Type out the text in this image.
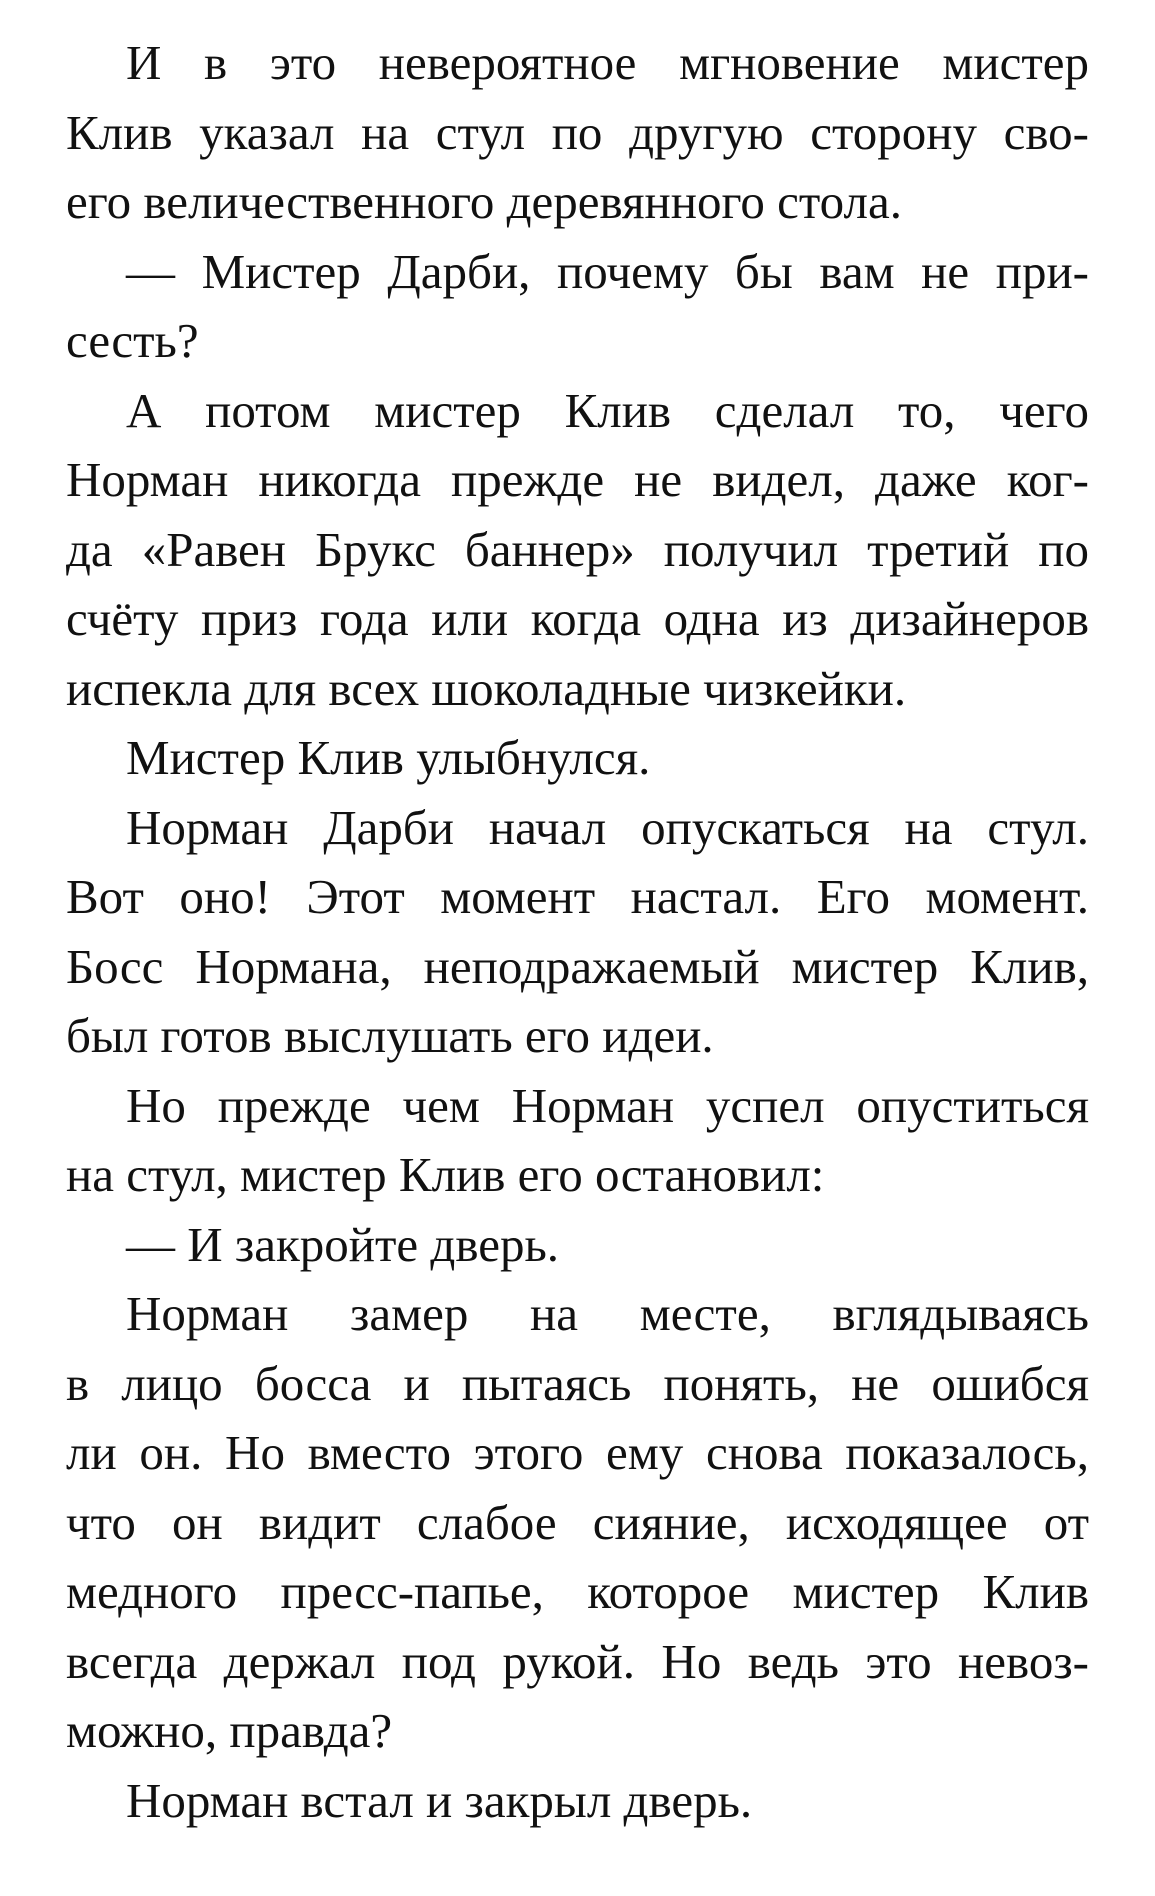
И в это невероятное мгновение мистер
Клив указал на стул по другую сторону сво-
его величественного деревянного стола.
— Мистер Дарби, почему бы вам не при-
сесть?
А потом мистер Клив сделал то, чего
Норман никогда прежде не видел, даже ког-
да «Равен Брукс баннер» получил третий по
счёту приз года или когда одна из дизайнеров
испекла для всех шоколадные чизкейки.
Мистер Клив улыбнулся.
Норман Дарби начал опускаться на стул.
Вот оно! Этот момент настал. Его момент.
Босс Нормана, неподражаемый мистер Клив,
был готов выслушать его идеи.
Но прежде чем Норман успел опуститься
на стул, мистер Клив его остановил:
— И закройте дверь.
Норман замер на месте, вглядываясь
в лицо босса и пытаясь понять, не ошибся
ли он. Но вместо этого ему снова показалось,
что он видит слабое сияние, исходящее от
медного пресс-папье, которое мистер Клив
всегда держал под рукой. Но ведь это невоз-
можно, правда?
Норман встал и закрыл дверь.
